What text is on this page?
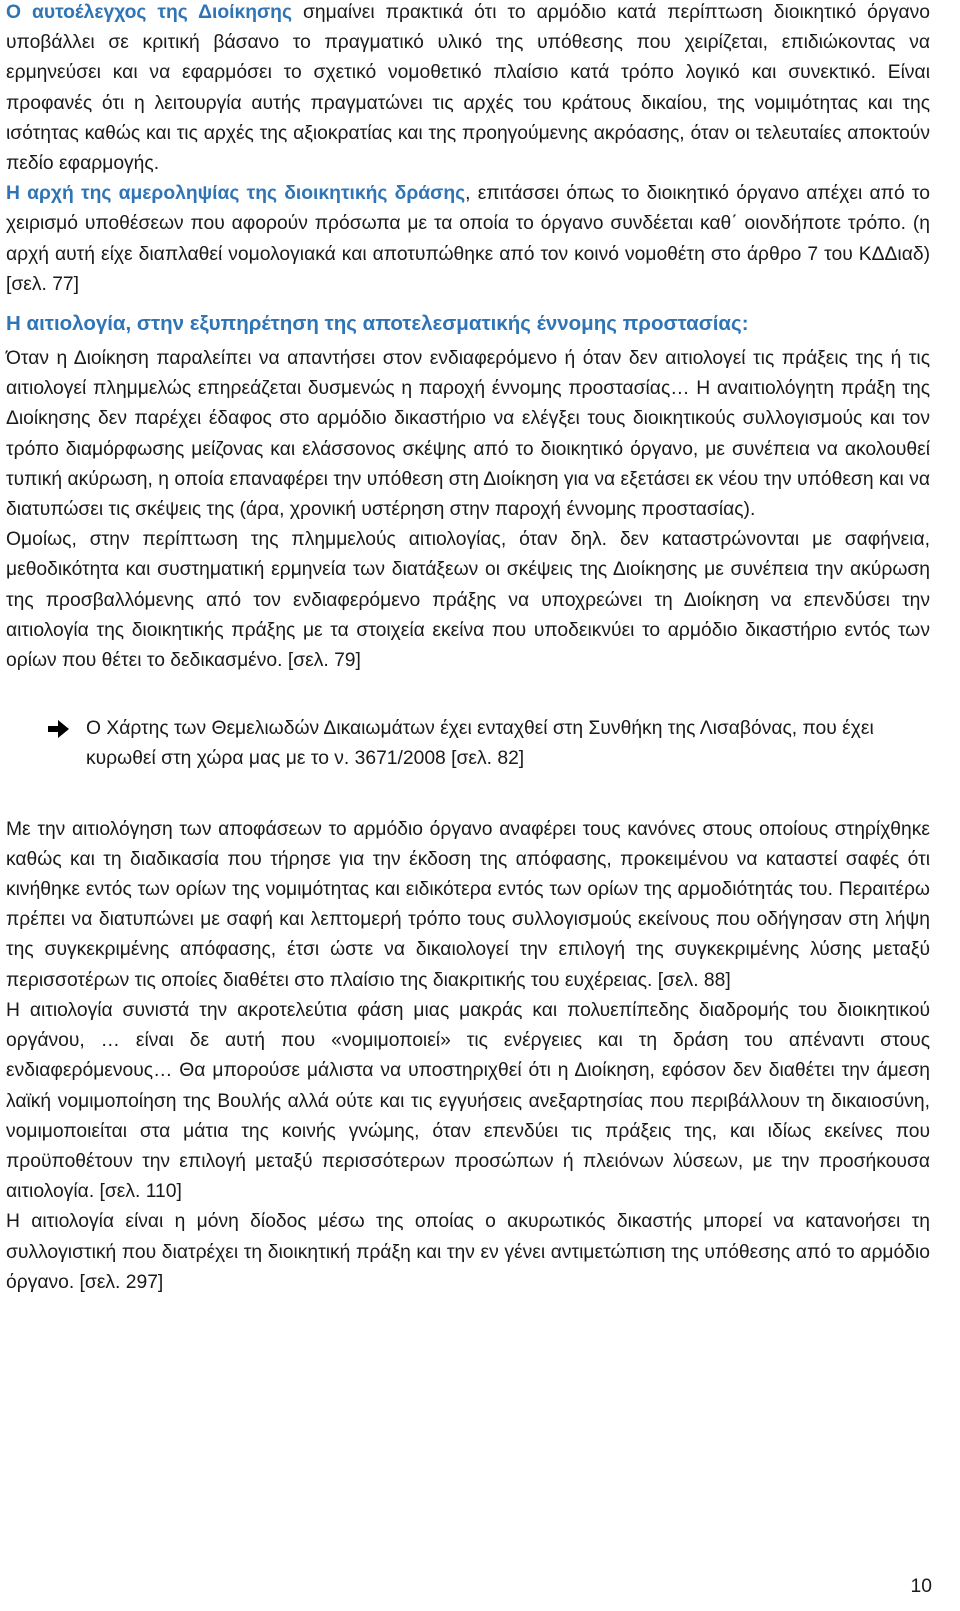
Ο αυτοέλεγχος της Διοίκησης σημαίνει πρακτικά ότι το αρμόδιο κατά περίπτωση διοικητικό όργανο υποβάλλει σε κριτική βάσανο το πραγματικό υλικό της υπόθεσης που χειρίζεται, επιδιώκοντας να ερμηνεύσει και να εφαρμόσει το σχετικό νομοθετικό πλαίσιο κατά τρόπο λογικό και συνεκτικό. Είναι προφανές ότι η λειτουργία αυτής πραγματώνει τις αρχές του κράτους δικαίου, της νομιμότητας και της ισότητας καθώς και τις αρχές της αξιοκρατίας και της προηγούμενης ακρόασης, όταν οι τελευταίες αποκτούν πεδίο εφαρμογής.

Η αρχή της αμεροληψίας της διοικητικής δράσης, επιτάσσει όπως το διοικητικό όργανο απέχει από το χειρισμό υποθέσεων που αφορούν πρόσωπα με τα οποία το όργανο συνδέεται καθ΄ οιονδήποτε τρόπο. (η αρχή αυτή είχε διαπλαθεί νομολογιακά και αποτυπώθηκε από τον κοινό νομοθέτη στο άρθρο 7 του ΚΔΔιαδ) [σελ. 77]

Η αιτιολογία, στην εξυπηρέτηση της αποτελεσματικής έννομης προστασίας:

Όταν η Διοίκηση παραλείπει να απαντήσει στον ενδιαφερόμενο ή όταν δεν αιτιολογεί τις πράξεις της ή τις αιτιολογεί πλημμελώς επηρεάζεται δυσμενώς η παροχή έννομης προστασίας… Η αναιτιολόγητη πράξη της Διοίκησης δεν παρέχει έδαφος στο αρμόδιο δικαστήριο να ελέγξει τους διοικητικούς συλλογισμούς και τον τρόπο διαμόρφωσης μείζονας και ελάσσονος σκέψης από το διοικητικό όργανο, με συνέπεια να ακολουθεί τυπική ακύρωση, η οποία επαναφέρει την υπόθεση στη Διοίκηση για να εξετάσει εκ νέου την υπόθεση και να διατυπώσει τις σκέψεις της (άρα, χρονική υστέρηση στην παροχή έννομης προστασίας).

Ομοίως, στην περίπτωση της πλημμελούς αιτιολογίας, όταν δηλ. δεν καταστρώνονται με σαφήνεια, μεθοδικότητα και συστηματική ερμηνεία των διατάξεων οι σκέψεις της Διοίκησης με συνέπεια την ακύρωση της προσβαλλόμενης από τον ενδιαφερόμενο πράξης να υποχρεώνει τη Διοίκηση να επενδύσει την αιτιολογία της διοικητικής πράξης με τα στοιχεία εκείνα που υποδεικνύει το αρμόδιο δικαστήριο εντός των ορίων που θέτει το δεδικασμένο. [σελ. 79]

Ο Χάρτης των Θεμελιωδών Δικαιωμάτων έχει ενταχθεί στη Συνθήκη της Λισαβόνας, που έχει κυρωθεί στη χώρα μας με το ν. 3671/2008 [σελ. 82]

Με την αιτιολόγηση των αποφάσεων το αρμόδιο όργανο αναφέρει τους κανόνες στους οποίους στηρίχθηκε καθώς και τη διαδικασία που τήρησε για την έκδοση της απόφασης, προκειμένου να καταστεί σαφές ότι κινήθηκε εντός των ορίων της νομιμότητας και ειδικότερα εντός των ορίων της αρμοδιότητάς του. Περαιτέρω πρέπει να διατυπώνει με σαφή και λεπτομερή τρόπο τους συλλογισμούς εκείνους που οδήγησαν στη λήψη της συγκεκριμένης απόφασης, έτσι ώστε να δικαιολογεί την επιλογή της συγκεκριμένης λύσης μεταξύ περισσοτέρων τις οποίες διαθέτει στο πλαίσιο της διακριτικής του ευχέρειας. [σελ. 88]

Η αιτιολογία συνιστά την ακροτελεύτια φάση μιας μακράς και πολυεπίπεδης διαδρομής του διοικητικού οργάνου, … είναι δε αυτή που «νομιμοποιεί» τις ενέργειες και τη δράση του απέναντι στους ενδιαφερόμενους… Θα μπορούσε μάλιστα να υποστηριχθεί ότι η Διοίκηση, εφόσον δεν διαθέτει την άμεση λαϊκή νομιμοποίηση της Βουλής αλλά ούτε και τις εγγυήσεις ανεξαρτησίας που περιβάλλουν τη δικαιοσύνη, νομιμοποιείται στα μάτια της κοινής γνώμης, όταν επενδύει τις πράξεις της, και ιδίως εκείνες που προϋποθέτουν την επιλογή μεταξύ περισσότερων προσώπων ή πλειόνων λύσεων, με την προσήκουσα αιτιολογία. [σελ. 110]

Η αιτιολογία είναι η μόνη δίοδος μέσω της οποίας ο ακυρωτικός δικαστής μπορεί να κατανοήσει τη συλλογιστική που διατρέχει τη διοικητική πράξη και την εν γένει αντιμετώπιση της υπόθεσης από το αρμόδιο όργανο. [σελ. 297]

10
